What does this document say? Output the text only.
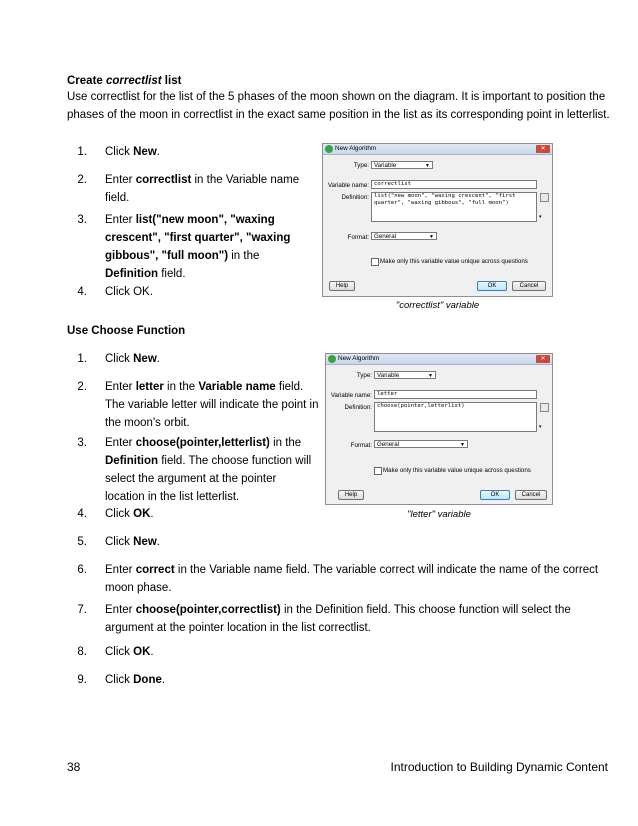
Create correctlist list
Use correctlist for the list of the 5 phases of the moon shown on the diagram. It is important to position the phases of the moon in correctlist in the exact same position in the list as its corresponding point in letterlist.
1. Click New.
2. Enter correctlist in the Variable name field.
3. Enter list("new moon", "waxing crescent", "first quarter", "waxing gibbous", "full moon") in the Definition field.
4. Click OK.
New Algorithm	✕
Type: Variable	▼
Variable name: correctlist
Definition: list("new moon", "waxing crescent", "first
quarter", "waxing gibbous", "full moon")
▾
Format: General	▼
Make only this variable value unique across questions
Help	OK	Cancel
"correctlist" variable
Use Choose Function
1. Click New.
2. Enter letter in the Variable name field. The variable letter will indicate the point in the moon's orbit.
3. Enter choose(pointer,letterlist) in the Definition field. The choose function will select the argument at the pointer location in the list letterlist.
4. Click OK.
5. Click New.
6. Enter correct in the Variable name field. The variable correct will indicate the name of the correct moon phase.
7. Enter choose(pointer,correctlist) in the Definition field. This choose function will select the argument at the pointer location in the list correctlist.
8. Click OK.
9. Click Done.
New Algorithm	✕
Type: Variable	▼
Variable name: letter
Definition: choose(pointer,letterlist)
▾
Format: General	▼
Make only this variable value unique across questions
Help	OK	Cancel
"letter" variable
38	Introduction to Building Dynamic Content
